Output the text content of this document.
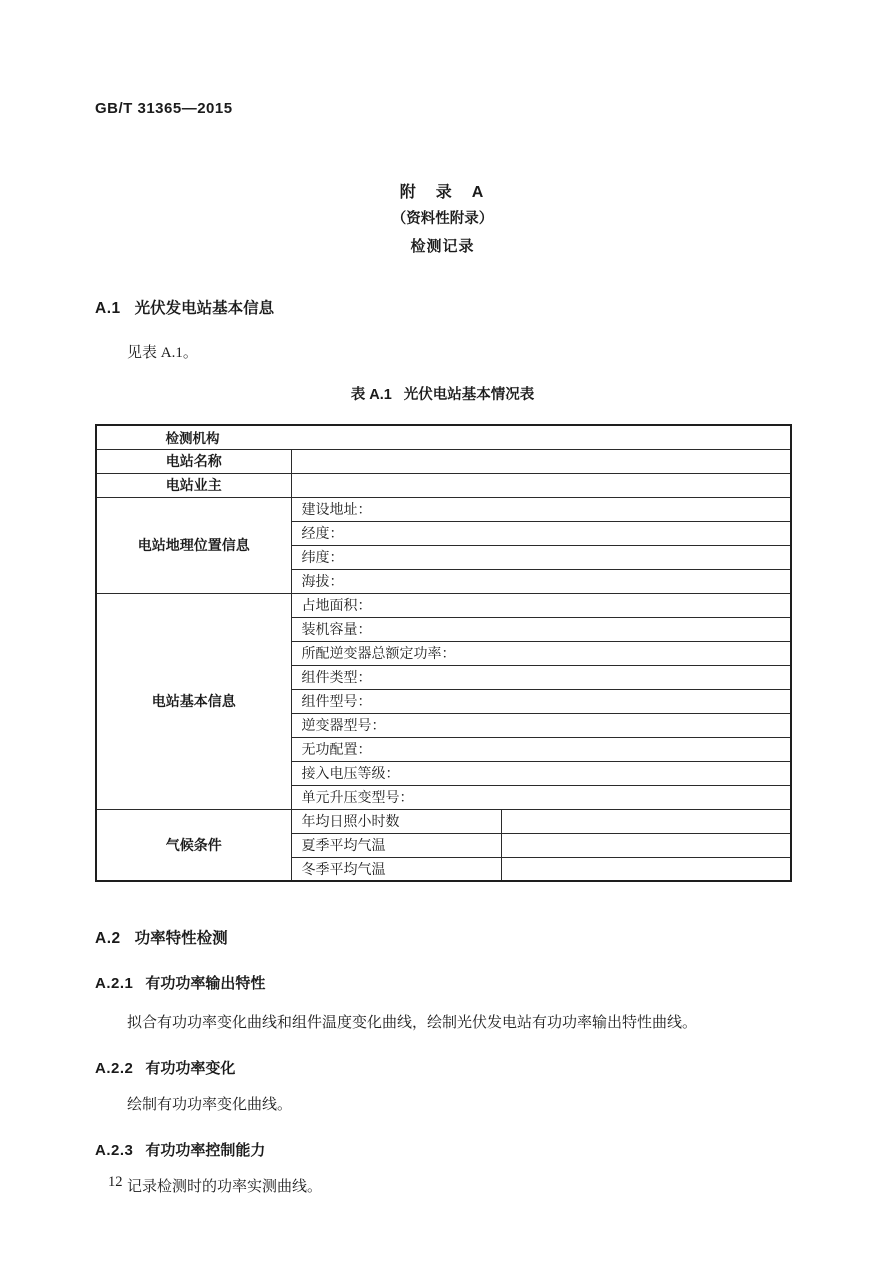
GB/T 31365—2015
附　录　A
（资料性附录）
检测记录
A.1 光伏发电站基本信息

见表 A.1。

表 A.1 光伏电站基本情况表
检测机构		
电站名称		
电站业主		
电站地理位置信息	建设地址：	
	经度：	
	纬度：	
	海拔：	
电站基本信息	占地面积：	
	装机容量：	
	所配逆变器总额定功率：	
	组件类型：	
	组件型号：	
	逆变器型号：	
	无功配置：	
	接入电压等级：	
	单元升压变型号：	
气候条件	年均日照小时数	
	夏季平均气温	
	冬季平均气温	
A.2 功率特性检测
A.2.1 有功功率输出特性

拟合有功功率变化曲线和组件温度变化曲线，绘制光伏发电站有功功率输出特性曲线。

A.2.2 有功功率变化

绘制有功功率变化曲线。

A.2.3 有功功率控制能力

记录检测时的功率实测曲线。

12
